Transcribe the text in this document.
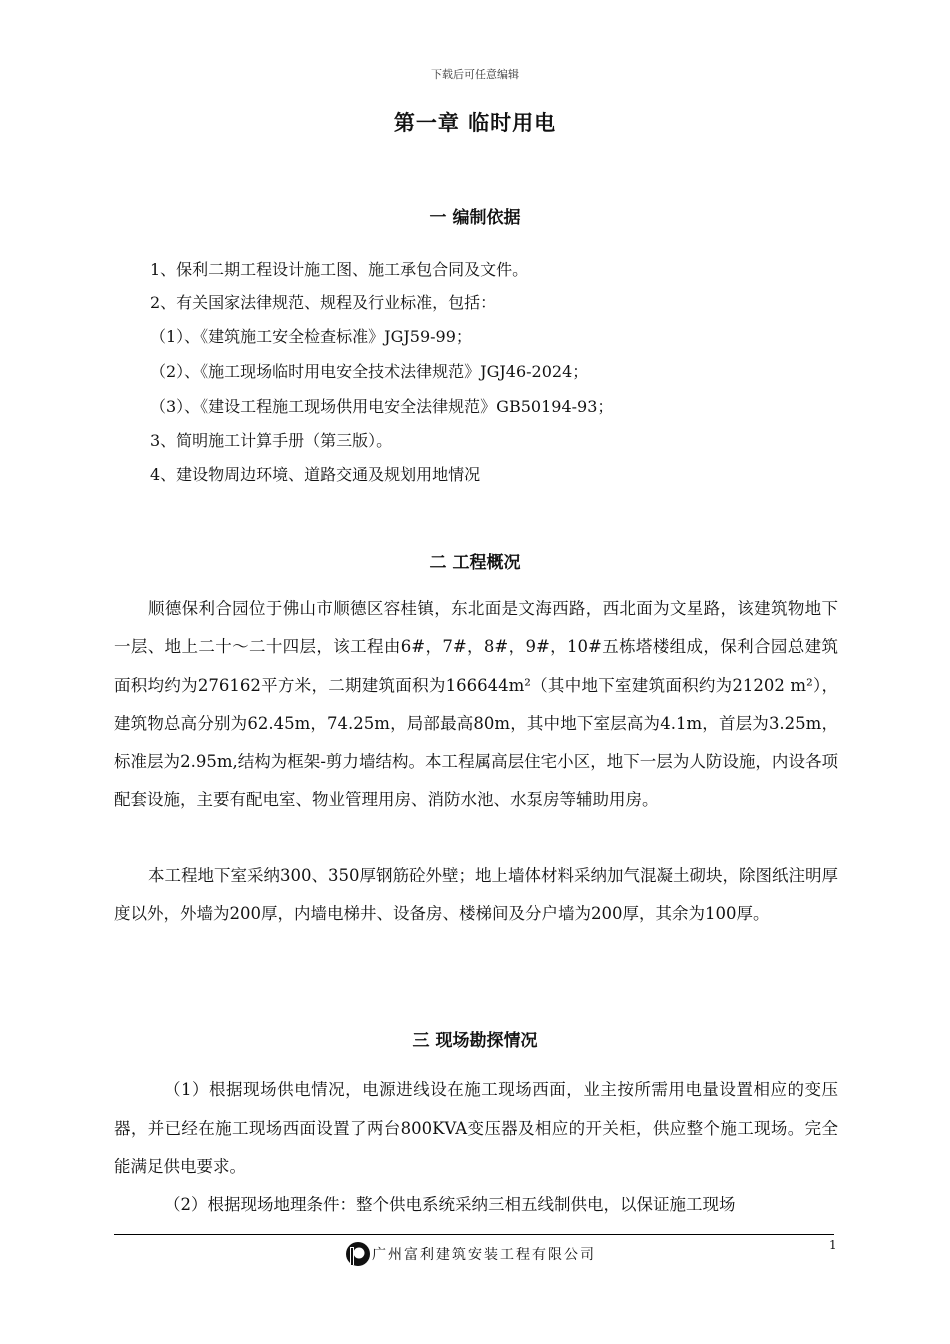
下载后可任意编辑
第一章 临时用电
一 编制依据
1、保利二期工程设计施工图、施工承包合同及文件。
2、有关国家法律规范、规程及行业标准，包括：
（1）、《建筑施工安全检查标准》JGJ59-99；
（2）、《施工现场临时用电安全技术法律规范》JGJ46-2024；
（3）、《建设工程施工现场供用电安全法律规范》GB50194-93；
3、简明施工计算手册（第三版）。
4、建设物周边环境、道路交通及规划用地情况
二 工程概况

顺德保利合园位于佛山市顺德区容桂镇，东北面是文海西路，西北面为文星路，该建筑物地下一层、地上二十～二十四层，该工程由6#，7#，8#，9#，10#五栋塔楼组成，保利合园总建筑面积均约为276162平方米，二期建筑面积为166644m²（其中地下室建筑面积约为21202 m²），建筑物总高分别为62.45m，74.25m，局部最高80m，其中地下室层高为4.1m，首层为3.25m，标准层为2.95m,结构为框架-剪力墙结构。本工程属高层住宅小区，地下一层为人防设施，内设各项配套设施，主要有配电室、物业管理用房、消防水池、水泵房等辅助用房。

本工程地下室采纳300、350厚钢筋砼外壁；地上墙体材料采纳加气混凝土砌块，除图纸注明厚度以外，外墙为200厚，内墙电梯井、设备房、楼梯间及分户墙为200厚，其余为100厚。

三 现场勘探情况

（1）根据现场供电情况，电源进线设在施工现场西面，业主按所需用电量设置相应的变压器，并已经在施工现场西面设置了两台800KVA变压器及相应的开关柜，供应整个施工现场。完全能满足供电要求。

（2）根据现场地理条件：整个供电系统采纳三相五线制供电，以保证施工现场

广州富利建筑安装工程有限公司
1
